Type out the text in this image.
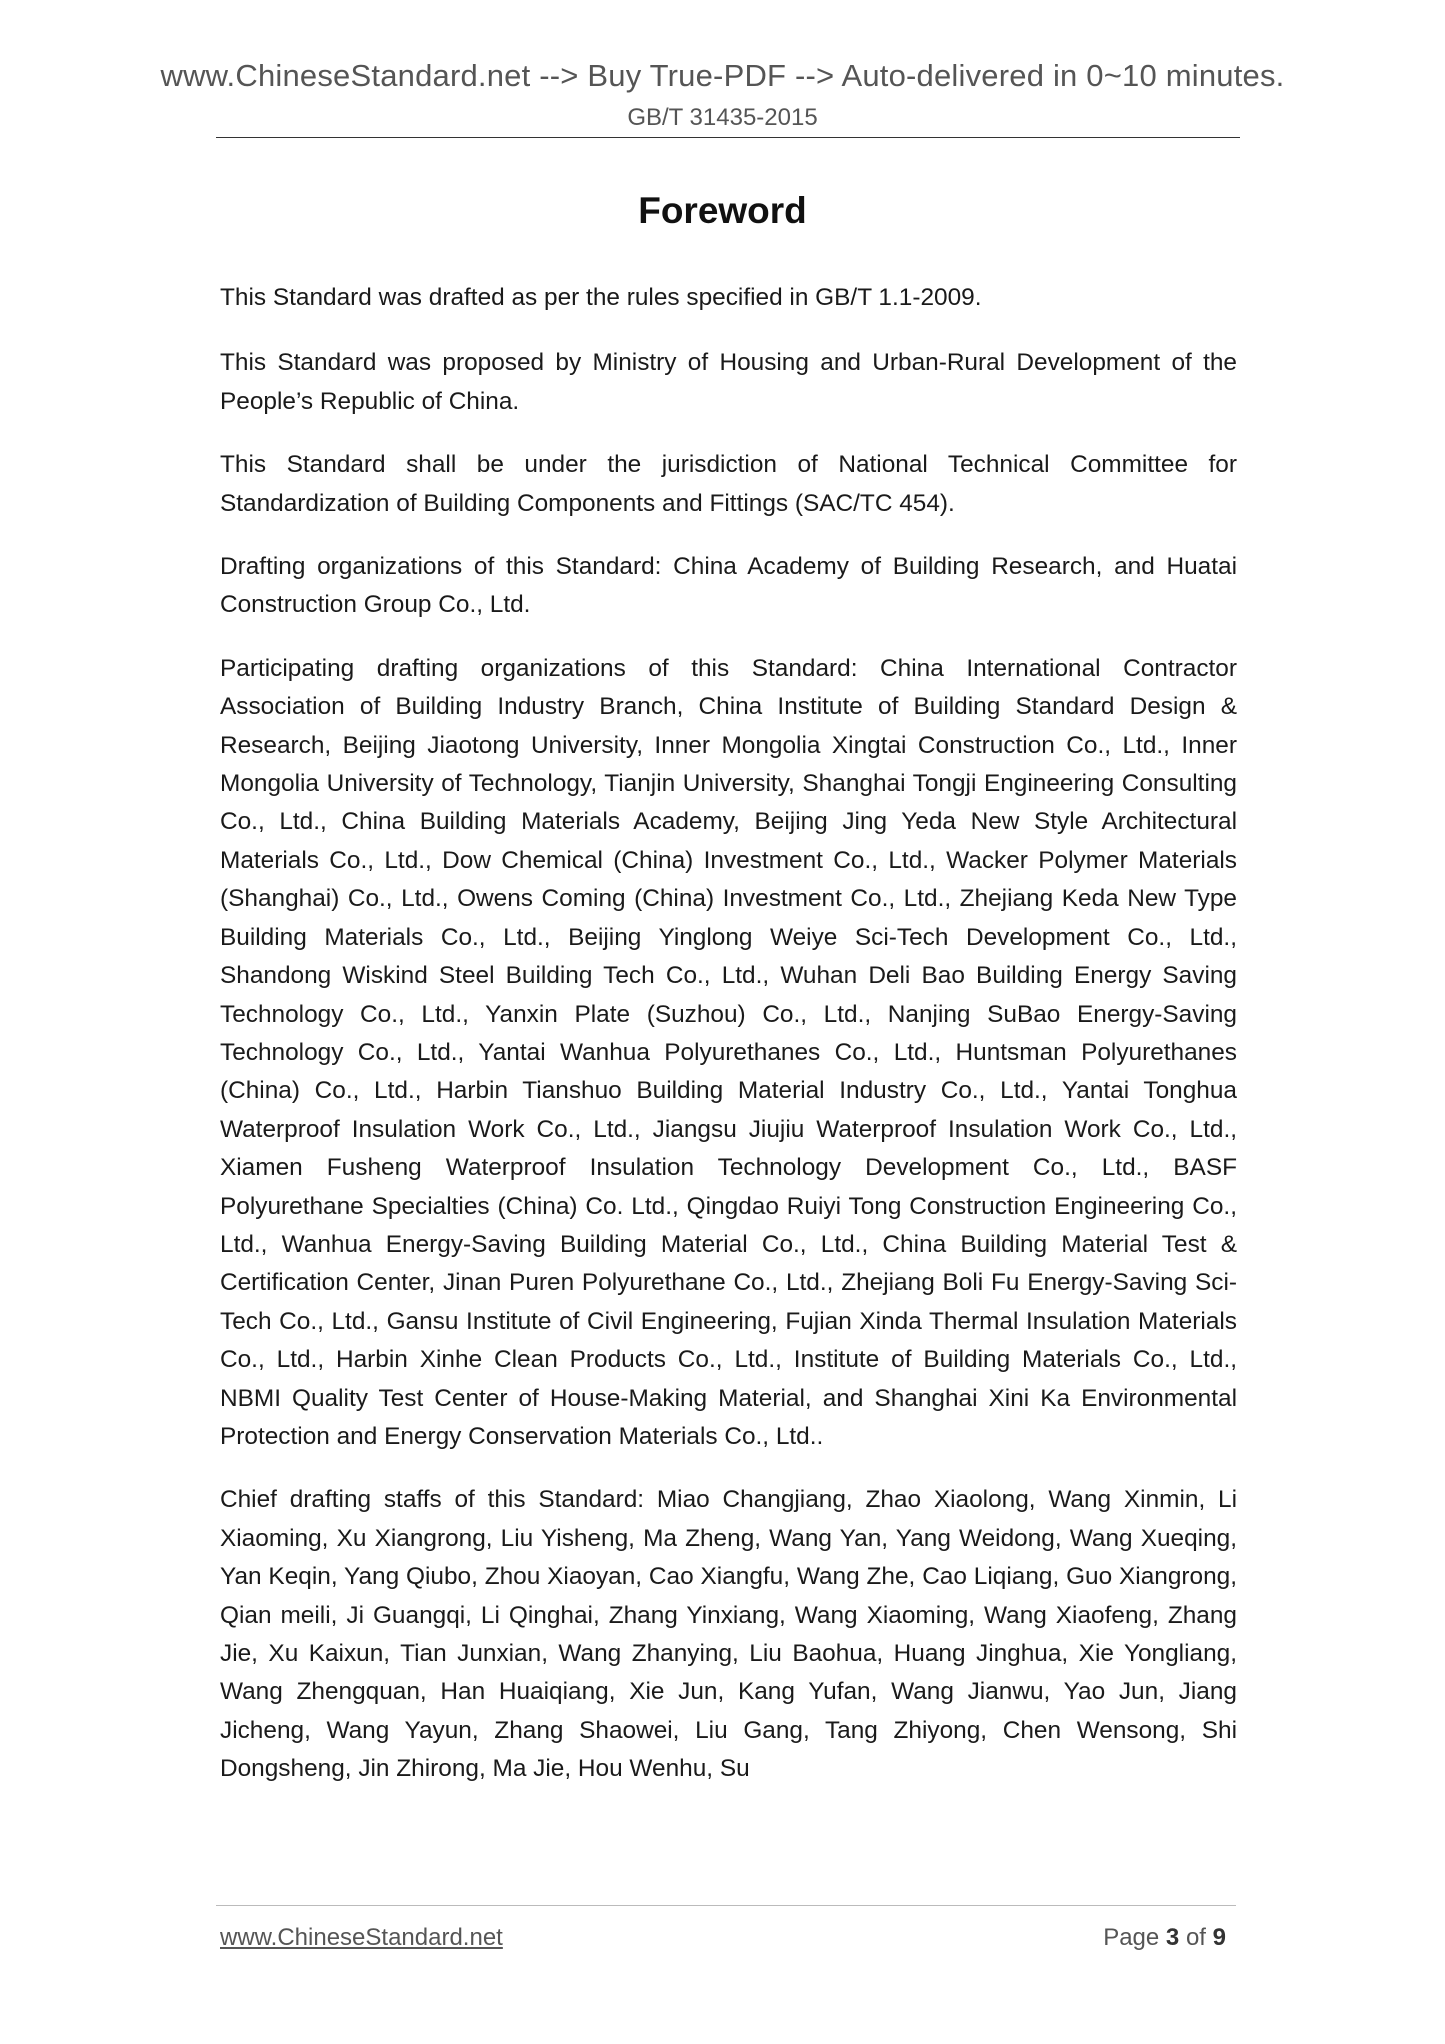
www.ChineseStandard.net --> Buy True-PDF --> Auto-delivered in 0~10 minutes.
GB/T 31435-2015
Foreword

This Standard was drafted as per the rules specified in GB/T 1.1-2009.

This Standard was proposed by Ministry of Housing and Urban-Rural Development of the People’s Republic of China.

This Standard shall be under the jurisdiction of National Technical Committee for Standardization of Building Components and Fittings (SAC/TC 454).

Drafting organizations of this Standard: China Academy of Building Research, and Huatai Construction Group Co., Ltd.

Participating drafting organizations of this Standard: China International Contractor Association of Building Industry Branch, China Institute of Building Standard Design & Research, Beijing Jiaotong University, Inner Mongolia Xingtai Construction Co., Ltd., Inner Mongolia University of Technology, Tianjin University, Shanghai Tongji Engineering Consulting Co., Ltd., China Building Materials Academy, Beijing Jing Yeda New Style Architectural Materials Co., Ltd., Dow Chemical (China) Investment Co., Ltd., Wacker Polymer Materials (Shanghai) Co., Ltd., Owens Coming (China) Investment Co., Ltd., Zhejiang Keda New Type Building Materials Co., Ltd., Beijing Yinglong Weiye Sci-Tech Development Co., Ltd., Shandong Wiskind Steel Building Tech Co., Ltd., Wuhan Deli Bao Building Energy Saving Technology Co., Ltd., Yanxin Plate (Suzhou) Co., Ltd., Nanjing SuBao Energy-Saving Technology Co., Ltd., Yantai Wanhua Polyurethanes Co., Ltd., Huntsman Polyurethanes (China) Co., Ltd., Harbin Tianshuo Building Material Industry Co., Ltd., Yantai Tonghua Waterproof Insulation Work Co., Ltd., Jiangsu Jiujiu Waterproof Insulation Work Co., Ltd., Xiamen Fusheng Waterproof Insulation Technology Development Co., Ltd., BASF Polyurethane Specialties (China) Co. Ltd., Qingdao Ruiyi Tong Construction Engineering Co., Ltd., Wanhua Energy-Saving Building Material Co., Ltd., China Building Material Test & Certification Center, Jinan Puren Polyurethane Co., Ltd., Zhejiang Boli Fu Energy-Saving Sci-Tech Co., Ltd., Gansu Institute of Civil Engineering, Fujian Xinda Thermal Insulation Materials Co., Ltd., Harbin Xinhe Clean Products Co., Ltd., Institute of Building Materials Co., Ltd., NBMI Quality Test Center of House-Making Material, and Shanghai Xini Ka Environmental Protection and Energy Conservation Materials Co., Ltd..

Chief drafting staffs of this Standard: Miao Changjiang, Zhao Xiaolong, Wang Xinmin, Li Xiaoming, Xu Xiangrong, Liu Yisheng, Ma Zheng, Wang Yan, Yang Weidong, Wang Xueqing, Yan Keqin, Yang Qiubo, Zhou Xiaoyan, Cao Xiangfu, Wang Zhe, Cao Liqiang, Guo Xiangrong, Qian meili, Ji Guangqi, Li Qinghai, Zhang Yinxiang, Wang Xiaoming, Wang Xiaofeng, Zhang Jie, Xu Kaixun, Tian Junxian, Wang Zhanying, Liu Baohua, Huang Jinghua, Xie Yongliang, Wang Zhengquan, Han Huaiqiang, Xie Jun, Kang Yufan, Wang Jianwu, Yao Jun, Jiang Jicheng, Wang Yayun, Zhang Shaowei, Liu Gang, Tang Zhiyong, Chen Wensong, Shi Dongsheng, Jin Zhirong, Ma Jie, Hou Wenhu, Su

www.ChineseStandard.net	Page 3 of 9
